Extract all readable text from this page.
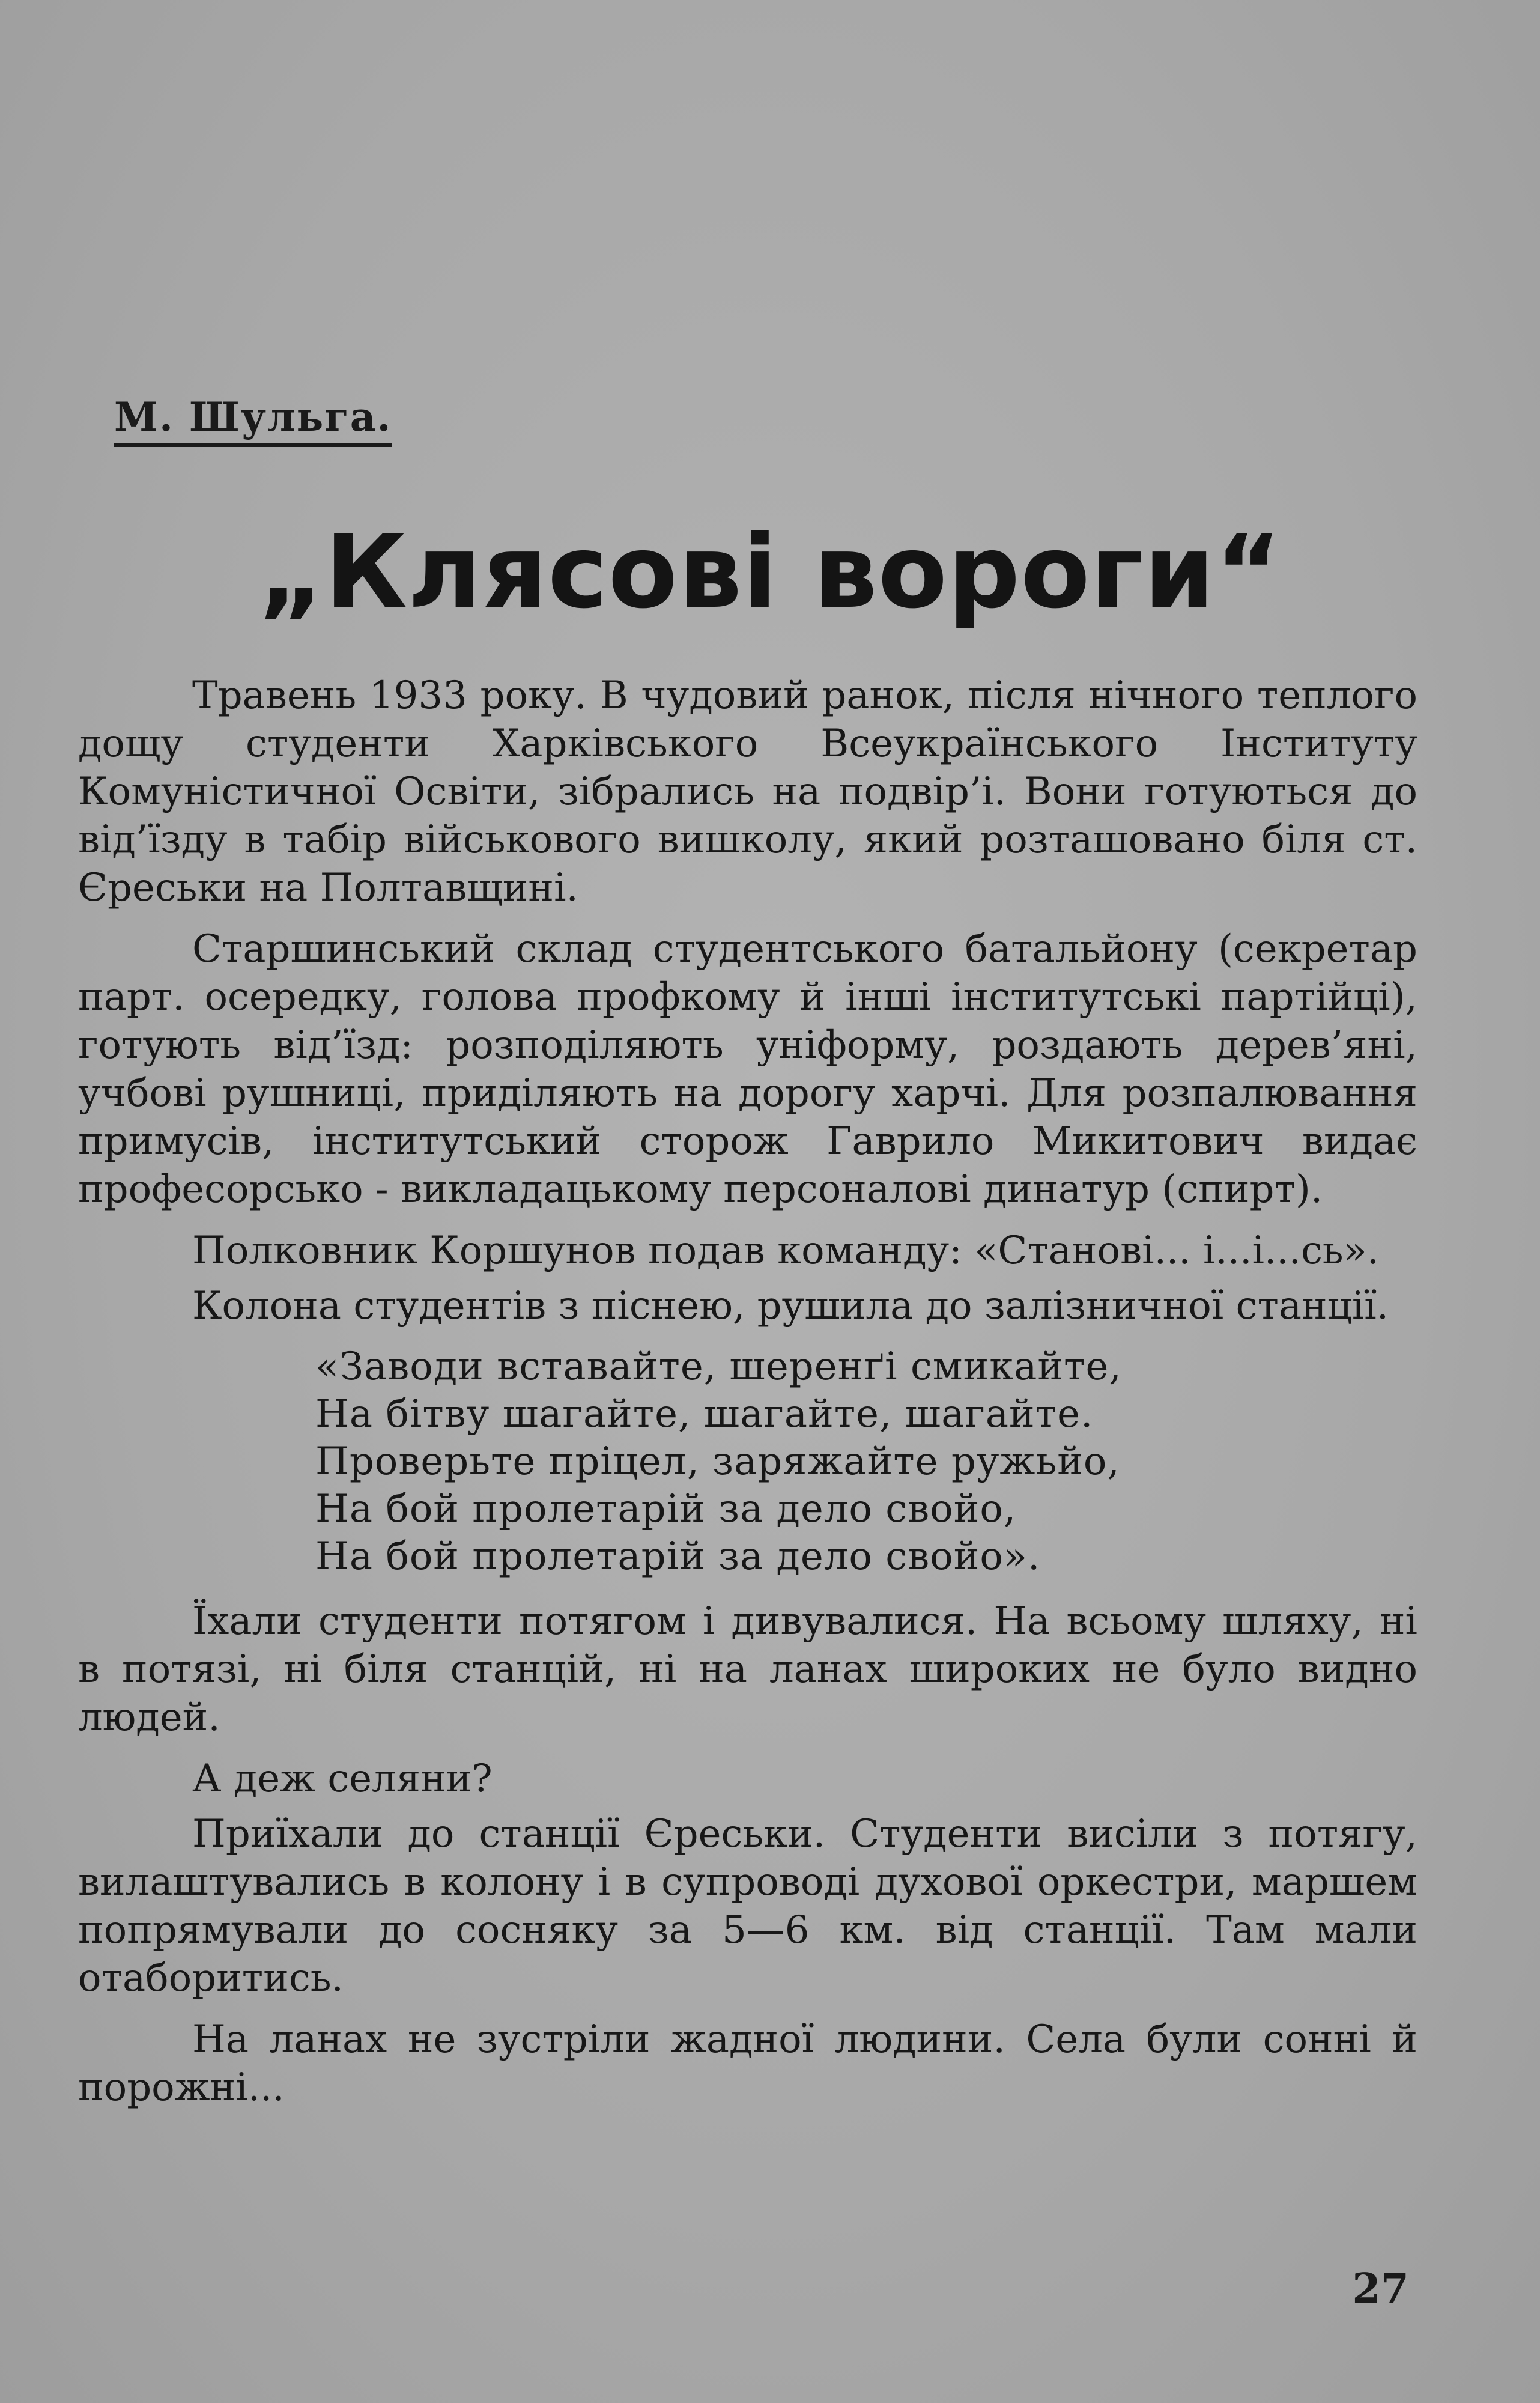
М. Шульга.
„Клясові вороги“

Травень 1933 року. В чудовий ранок, після нічного теплого дощу студенти Харківського Всеукраїнського Інституту Комуністичної Освіти, зібрались на подвір’і. Вони готуються до від’їзду в табір військового вишколу, який розташовано біля ст. Єреськи на Полтавщині.

Старшинський склад студентського батальйону (секретар парт. осередку, голова профкому й інші інститутські партійці), готують від’їзд: розподіляють уніформу, роздають дерев’яні, учбові рушниці, приділяють на дорогу харчі. Для розпалювання примусів, інститутський сторож Гаврило Микитович видає професорсько - викладацькому персоналові динатур (спирт).

Полковник Коршунов подав команду: «Станові... і...і...сь».

Колона студентів з піснею, рушила до залізничної станції.

«Заводи вставайте, шеренґі смикайте,
На бітву шагайте, шагайте, шагайте.
Проверьте пріцел, заряжайте ружьйо,
На бой пролетарій за дело свойо,
На бой пролетарій за дело свойо».

Їхали студенти потягом і дивувалися. На всьому шляху, ні в потязі, ні біля станцій, ні на ланах широких не було видно людей.

А деж селяни?

Приїхали до станції Єреськи. Студенти висіли з потягу, вилаштувались в колону і в супроводі духової оркестри, маршем попрямували до сосняку за 5—6 км. від станції. Там мали отаборитись.

На ланах не зустріли жадної людини. Села були сонні й порожні...

27
